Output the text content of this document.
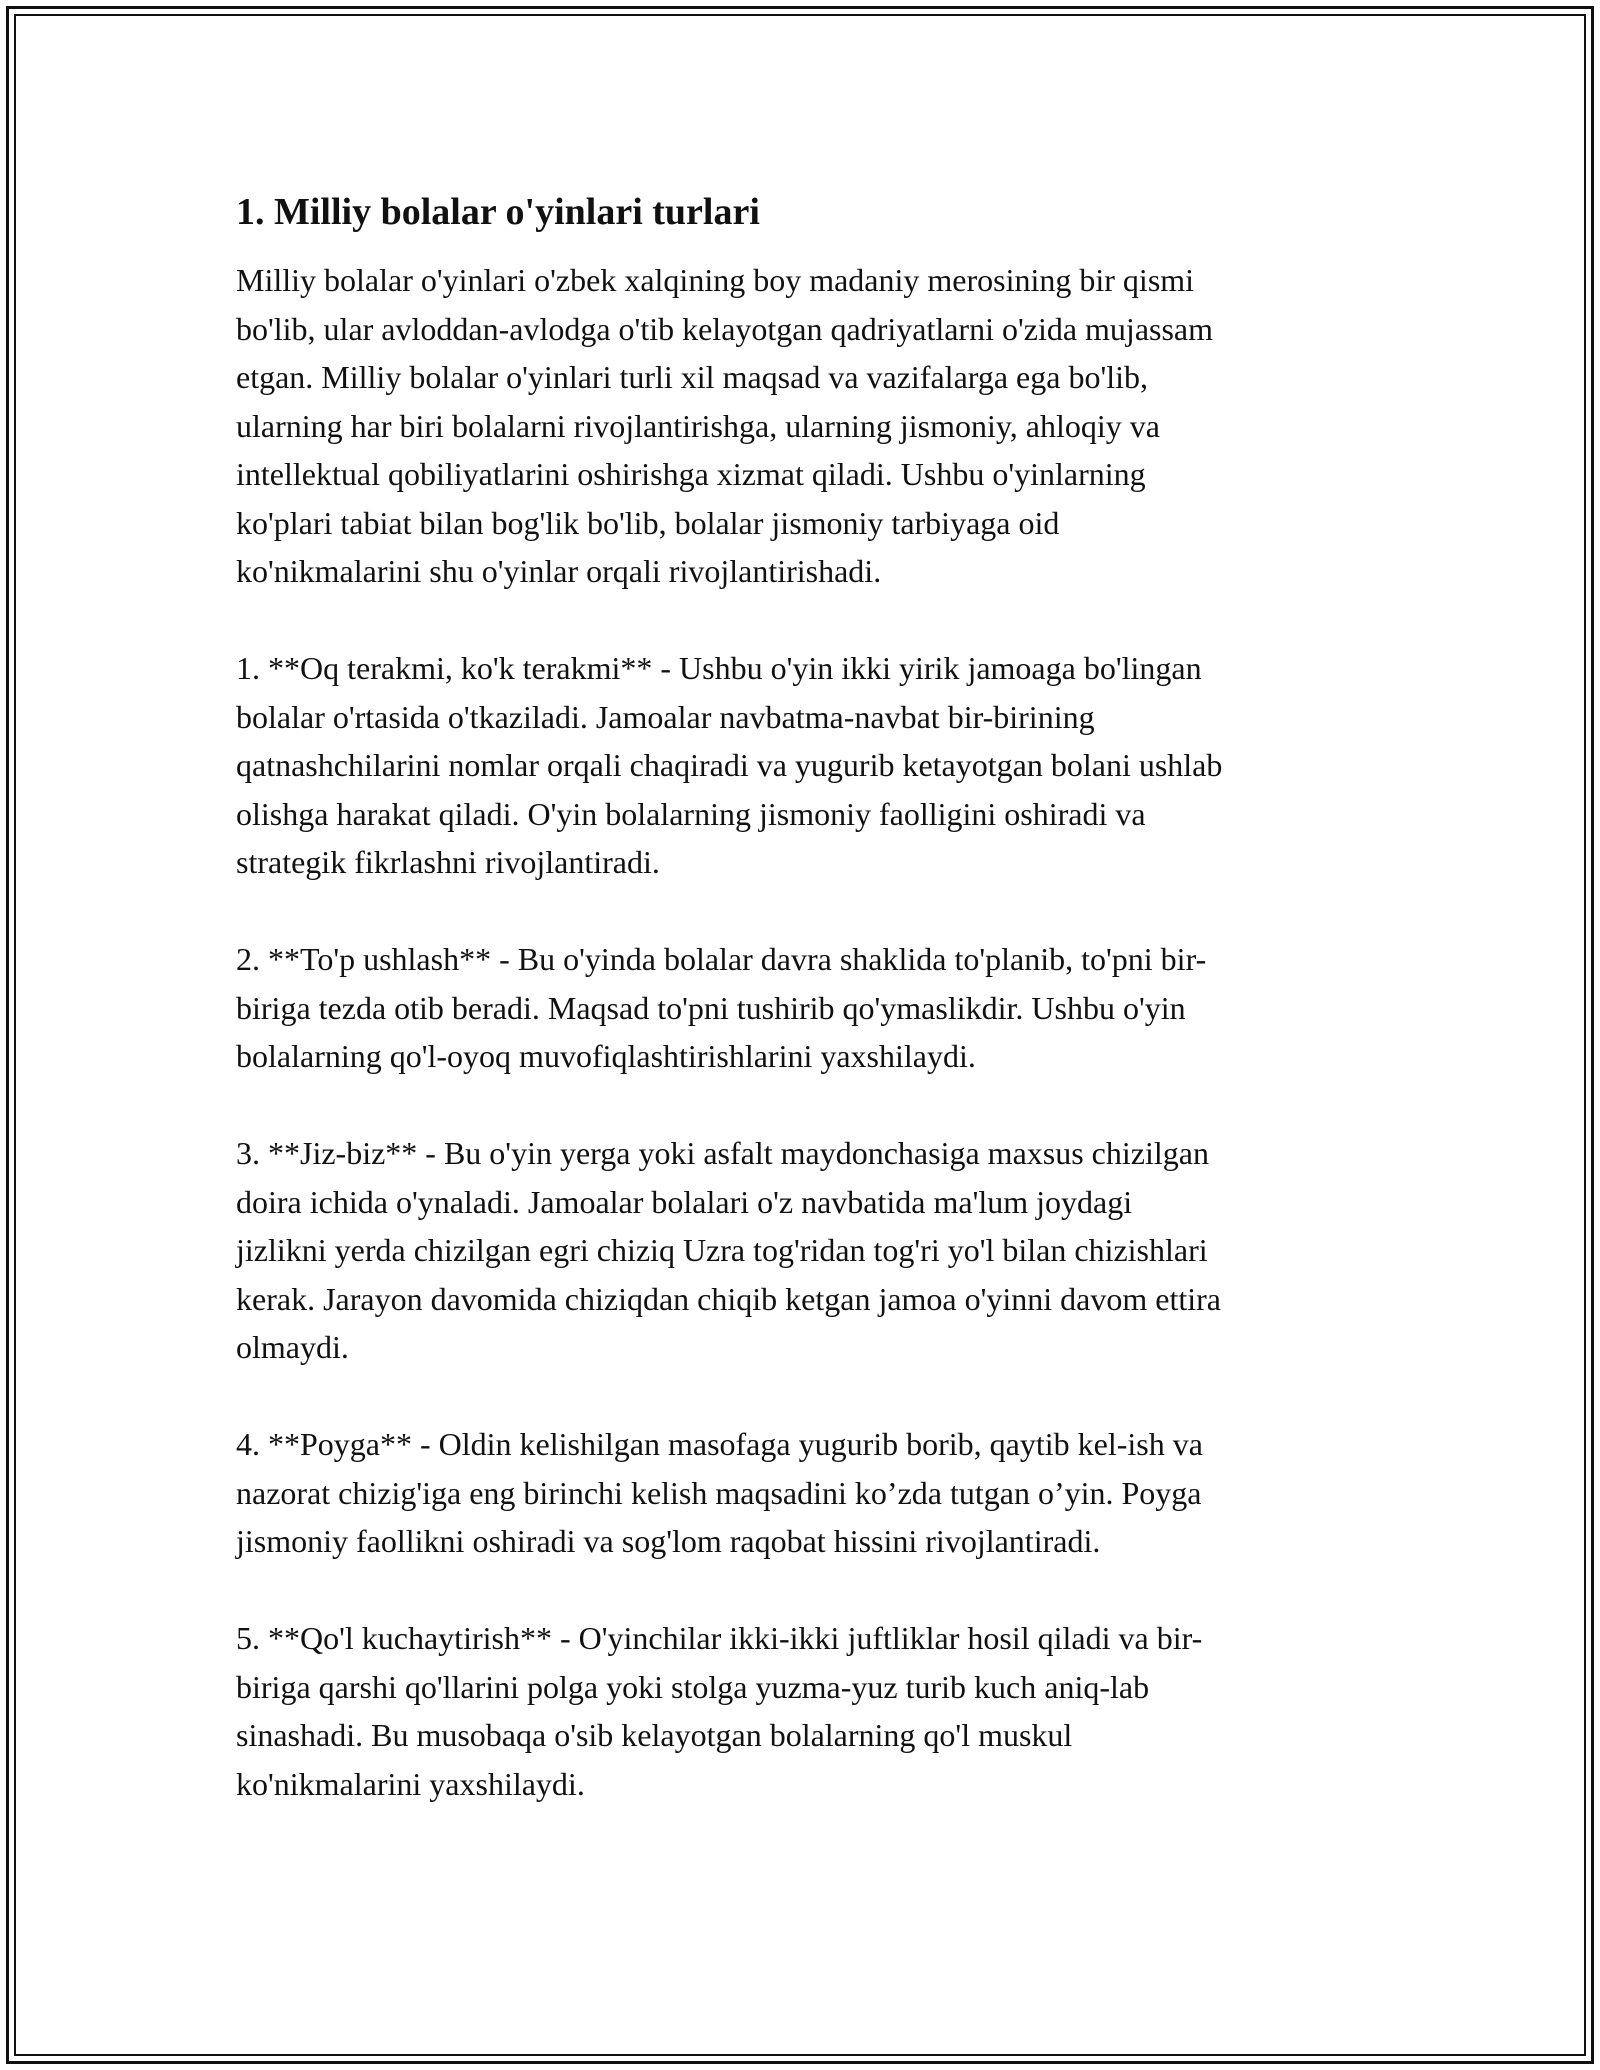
1. Milliy bolalar o'yinlari turlari

Milliy bolalar o'yinlari o'zbek xalqining boy madaniy merosining bir qismi
bo'lib, ular avloddan-avlodga o'tib kelayotgan qadriyatlarni o'zida mujassam
etgan. Milliy bolalar o'yinlari turli xil maqsad va vazifalarga ega bo'lib,
ularning har biri bolalarni rivojlantirishga, ularning jismoniy, ahloqiy va
intellektual qobiliyatlarini oshirishga xizmat qiladi. Ushbu o'yinlarning
ko'plari tabiat bilan bog'lik bo'lib, bolalar jismoniy tarbiyaga oid
ko'nikmalarini shu o'yinlar orqali rivojlantirishadi.

1. **Oq terakmi, ko'k terakmi** - Ushbu o'yin ikki yirik jamoaga bo'lingan
bolalar o'rtasida o'tkaziladi. Jamoalar navbatma-navbat bir-birining
qatnashchilarini nomlar orqali chaqiradi va yugurib ketayotgan bolani ushlab
olishga harakat qiladi. O'yin bolalarning jismoniy faolligini oshiradi va
strategik fikrlashni rivojlantiradi.

2. **To'p ushlash** - Bu o'yinda bolalar davra shaklida to'planib, to'pni bir-
biriga tezda otib beradi. Maqsad to'pni tushirib qo'ymaslikdir. Ushbu o'yin
bolalarning qo'l-oyoq muvofiqlashtirishlarini yaxshilaydi.

3. **Jiz-biz** - Bu o'yin yerga yoki asfalt maydonchasiga maxsus chizilgan
doira ichida o'ynaladi. Jamoalar bolalari o'z navbatida ma'lum joydagi
jizlikni yerda chizilgan egri chiziq Uzra tog'ridan tog'ri yo'l bilan chizishlari
kerak. Jarayon davomida chiziqdan chiqib ketgan jamoa o'yinni davom ettira
olmaydi.

4. **Poyga** - Oldin kelishilgan masofaga yugurib borib, qaytib kel-ish va
nazorat chizig'iga eng birinchi kelish maqsadini ko’zda tutgan o’yin. Poyga
jismoniy faollikni oshiradi va sog'lom raqobat hissini rivojlantiradi.

5. **Qo'l kuchaytirish** - O'yinchilar ikki-ikki juftliklar hosil qiladi va bir-
biriga qarshi qo'llarini polga yoki stolga yuzma-yuz turib kuch aniq-lab
sinashadi. Bu musobaqa o'sib kelayotgan bolalarning qo'l muskul
ko'nikmalarini yaxshilaydi.
